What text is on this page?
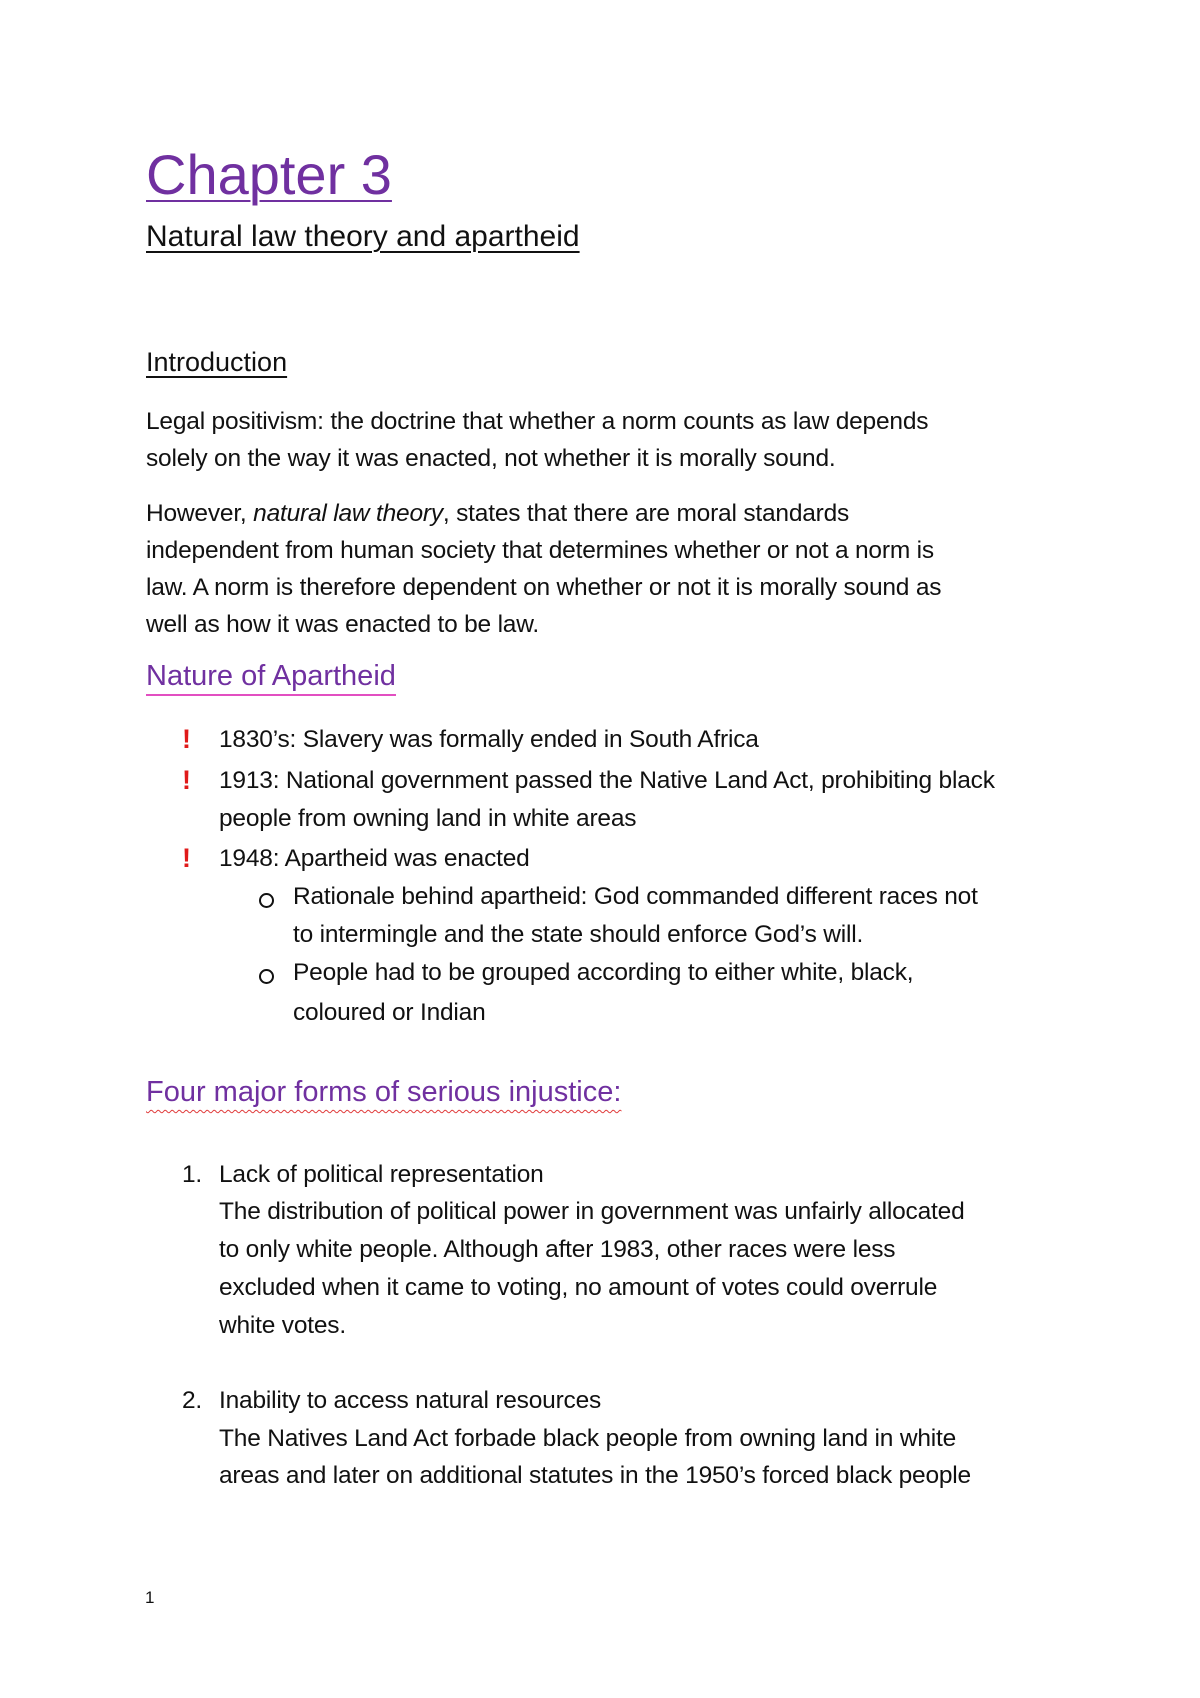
Chapter 3
Natural law theory and apartheid
Introduction
Legal positivism: the doctrine that whether a norm counts as law depends
solely on the way it was enacted, not whether it is morally sound.
However, natural law theory, states that there are moral standards
independent from human society that determines whether or not a norm is
law. A norm is therefore dependent on whether or not it is morally sound as
well as how it was enacted to be law.
Nature of Apartheid
! 1830’s: Slavery was formally ended in South Africa
! 1913: National government passed the Native Land Act, prohibiting black
people from owning land in white areas
! 1948: Apartheid was enacted
Rationale behind apartheid: God commanded different races not
to intermingle and the state should enforce God’s will.
People had to be grouped according to either white, black,
coloured or Indian
Four major forms of serious injustice:
1. Lack of political representation
The distribution of political power in government was unfairly allocated
to only white people. Although after 1983, other races were less
excluded when it came to voting, no amount of votes could overrule
white votes.
2. Inability to access natural resources
The Natives Land Act forbade black people from owning land in white
areas and later on additional statutes in the 1950’s forced black people
1
